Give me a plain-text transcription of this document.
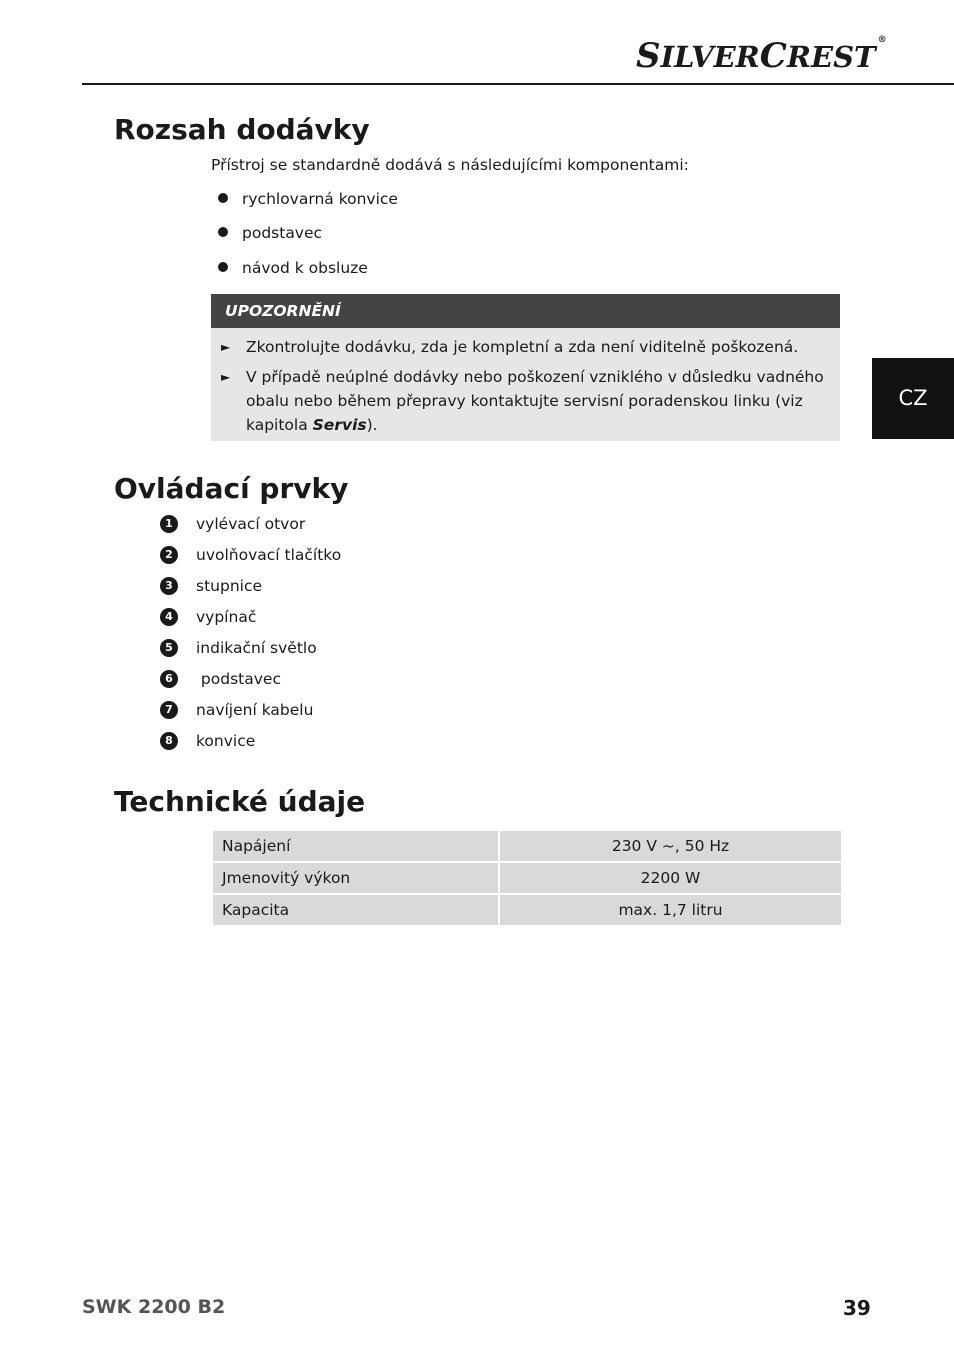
SILVERCREST ®
Rozsah dodávky
Přístroj se standardně dodává s následujícími komponentami:
rychlovarná konvice
podstavec
návod k obsluze
UPOZORNĚNÍ
► Zkontrolujte dodávku, zda je kompletní a zda není viditelně poškozená.
► V případě neúplné dodávky nebo poškození vzniklého v důsledku vadného obalu nebo během přepravy kontaktujte servisní poradenskou linku (viz kapitola Servis).
CZ
Ovládací prvky
1 vylévací otvor
2 uvolňovací tlačítko
3 stupnice
4 vypínač
5 indikační světlo
6 podstavec
7 navíjení kabelu
8 konvice
Technické údaje
Napájení	230 V ~, 50 Hz
Jmenovitý výkon	2200 W
Kapacita	max. 1,7 litru
SWK 2200 B2	39
